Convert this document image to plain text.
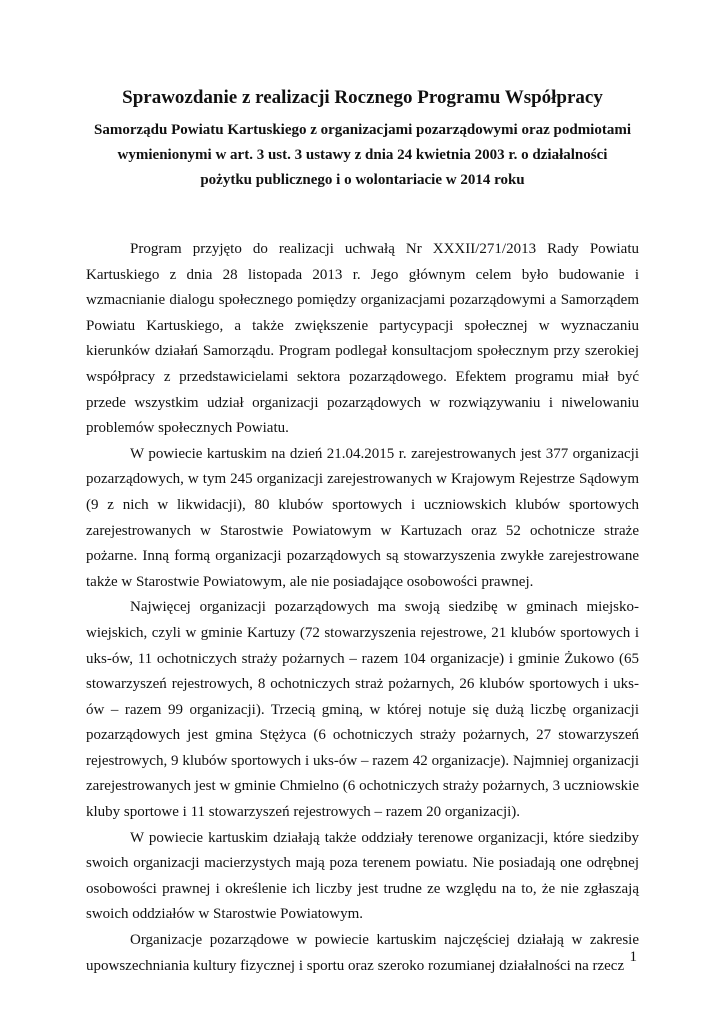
Sprawozdanie z realizacji Rocznego Programu Współpracy
Samorządu Powiatu Kartuskiego z organizacjami pozarządowymi oraz podmiotami wymienionymi w art. 3 ust. 3 ustawy z dnia 24 kwietnia 2003 r. o działalności pożytku publicznego i o wolontariacie w 2014 roku

Program przyjęto do realizacji uchwałą Nr XXXII/271/2013 Rady Powiatu Kartuskiego z dnia 28 listopada 2013 r. Jego głównym celem było budowanie i wzmacnianie dialogu społecznego pomiędzy organizacjami pozarządowymi a Samorządem Powiatu Kartuskiego, a także zwiększenie partycypacji społecznej w wyznaczaniu kierunków działań Samorządu. Program podlegał konsultacjom społecznym przy szerokiej współpracy z przedstawicielami sektora pozarządowego. Efektem programu miał być przede wszystkim udział organizacji pozarządowych w rozwiązywaniu i niwelowaniu problemów społecznych Powiatu.

W powiecie kartuskim na dzień 21.04.2015 r. zarejestrowanych jest 377 organizacji pozarządowych, w tym 245 organizacji zarejestrowanych w Krajowym Rejestrze Sądowym (9 z nich w likwidacji), 80 klubów sportowych i uczniowskich klubów sportowych zarejestrowanych w Starostwie Powiatowym w Kartuzach oraz 52 ochotnicze straże pożarne. Inną formą organizacji pozarządowych są stowarzyszenia zwykłe zarejestrowane także w Starostwie Powiatowym, ale nie posiadające osobowości prawnej.

Najwięcej organizacji pozarządowych ma swoją siedzibę w gminach miejsko-wiejskich, czyli w gminie Kartuzy (72 stowarzyszenia rejestrowe, 21 klubów sportowych i uks-ów, 11 ochotniczych straży pożarnych – razem 104 organizacje) i gminie Żukowo (65 stowarzyszeń rejestrowych, 8 ochotniczych straż pożarnych, 26 klubów sportowych i uks-ów – razem 99 organizacji). Trzecią gminą, w której notuje się dużą liczbę organizacji pozarządowych jest gmina Stężyca (6 ochotniczych straży pożarnych, 27 stowarzyszeń rejestrowych, 9 klubów sportowych i uks-ów – razem 42 organizacje). Najmniej organizacji zarejestrowanych jest w gminie Chmielno (6 ochotniczych straży pożarnych, 3 uczniowskie kluby sportowe i 11 stowarzyszeń rejestrowych – razem 20 organizacji).

W powiecie kartuskim działają także oddziały terenowe organizacji, które siedziby swoich organizacji macierzystych mają poza terenem powiatu. Nie posiadają one odrębnej osobowości prawnej i określenie ich liczby jest trudne ze względu na to, że nie zgłaszają swoich oddziałów w Starostwie Powiatowym.

Organizacje pozarządowe w powiecie kartuskim najczęściej działają w zakresie upowszechniania kultury fizycznej i sportu oraz szeroko rozumianej działalności na rzecz

1
